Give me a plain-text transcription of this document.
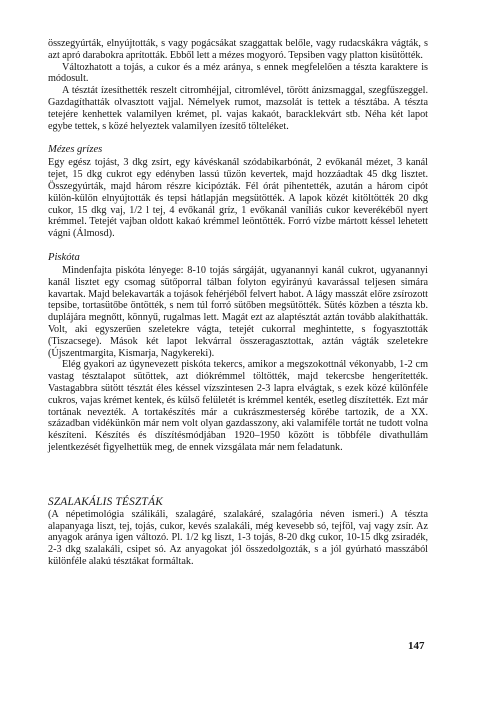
összegyúrták, elnyújtották, s vagy pogácsákat szaggattak belőle, vagy rudacskákra vágták, s azt apró darabokra aprították. Ebből lett a mézes mogyoró. Tepsiben vagy platton kisütötték.

Változhatott a tojás, a cukor és a méz aránya, s ennek megfelelően a tészta karaktere is módosult.

A tésztát ízesíthették reszelt citromhéjjal, citromlével, törött ánizsmaggal, szegfűszeggel. Gazdagíthatták olvasztott vajjal. Némelyek rumot, mazsolát is tettek a tésztába. A tészta tetejére kenhettek valamilyen krémet, pl. vajas kakaót, baracklekvárt stb. Néha két lapot egybe tettek, s közé helyeztek valamilyen ízesítő tölteléket.

Mézes grízes

Egy egész tojást, 3 dkg zsírt, egy kávéskanál szódabikarbónát, 2 evőkanál mézet, 3 kanál tejet, 15 dkg cukrot egy edényben lassú tűzön kevertek, majd hozzáadtak 45 dkg lisztet. Összegyúrták, majd három részre kicipózták. Fél órát pihentették, azután a három cipót külön-külön elnyújtották és tepsi hátlapján megsütötték. A lapok közét kitöltötték 20 dkg cukor, 15 dkg vaj, 1/2 l tej, 4 evőkanál gríz, 1 evőkanál vaníliás cukor keverékéből nyert krémmel. Tetejét vajban oldott kakaó krémmel leöntötték. Forró vízbe mártott késsel lehetett vágni (Álmosd).

Piskóta

Mindenfajta piskóta lényege: 8-10 tojás sárgáját, ugyanannyi kanál cukrot, ugyanannyi kanál lisztet egy csomag sütőporral tálban folyton egyirányú kavarással teljesen simára kavartak. Majd belekavarták a tojások fehérjéből felvert habot. A lágy masszát előre zsírozott tepsibe, tortasütőbe öntötték, s nem túl forró sütőben megsütötték. Sütés közben a tészta kb. duplájára megnőtt, könnyű, rugalmas lett. Magát ezt az alaptésztát aztán tovább alakíthatták. Volt, aki egyszerűen szeletekre vágta, tetejét cukorral meghintette, s fogyasztották (Tiszacsege). Mások két lapot lekvárral összeragasztottak, aztán vágták szeletekre (Újszentmargita, Kismarja, Nagykereki).

Elég gyakori az úgynevezett piskóta tekercs, amikor a megszokottnál vékonyabb, 1-2 cm vastag tésztalapot sütöttek, azt diókrémmel töltötték, majd tekercsbe hengerítették. Vastagabbra sütött tésztát éles késsel vízszintesen 2-3 lapra elvágtak, s ezek közé különféle cukros, vajas krémet kentek, és külső felületét is krémmel kenték, esetleg díszítették. Ezt már tortának nevezték. A tortakészítés már a cukrászmesterség körébe tartozik, de a XX. században vidékünkön már nem volt olyan gazdasszony, aki valamiféle tortát ne tudott volna készíteni. Készítés és díszítésmódjában 1920–1950 között is többféle divathullám jelentkezését figyelhettük meg, de ennek vizsgálata már nem feladatunk.

SZALAKÁLIS TÉSZTÁK

(A népetimológia szálikáli, szalagáré, szalakáré, szalagória néven ismeri.) A tészta alapanyaga liszt, tej, tojás, cukor, kevés szalakáli, még kevesebb só, tejföl, vaj vagy zsír. Az anyagok aránya igen változó. Pl. 1/2 kg liszt, 1-3 tojás, 8-20 dkg cukor, 10-15 dkg zsiradék, 2-3 dkg szalakáli, csipet só. Az anyagokat jól összedolgozták, s a jól gyúrható masszából különféle alakú tésztákat formáltak.

147
